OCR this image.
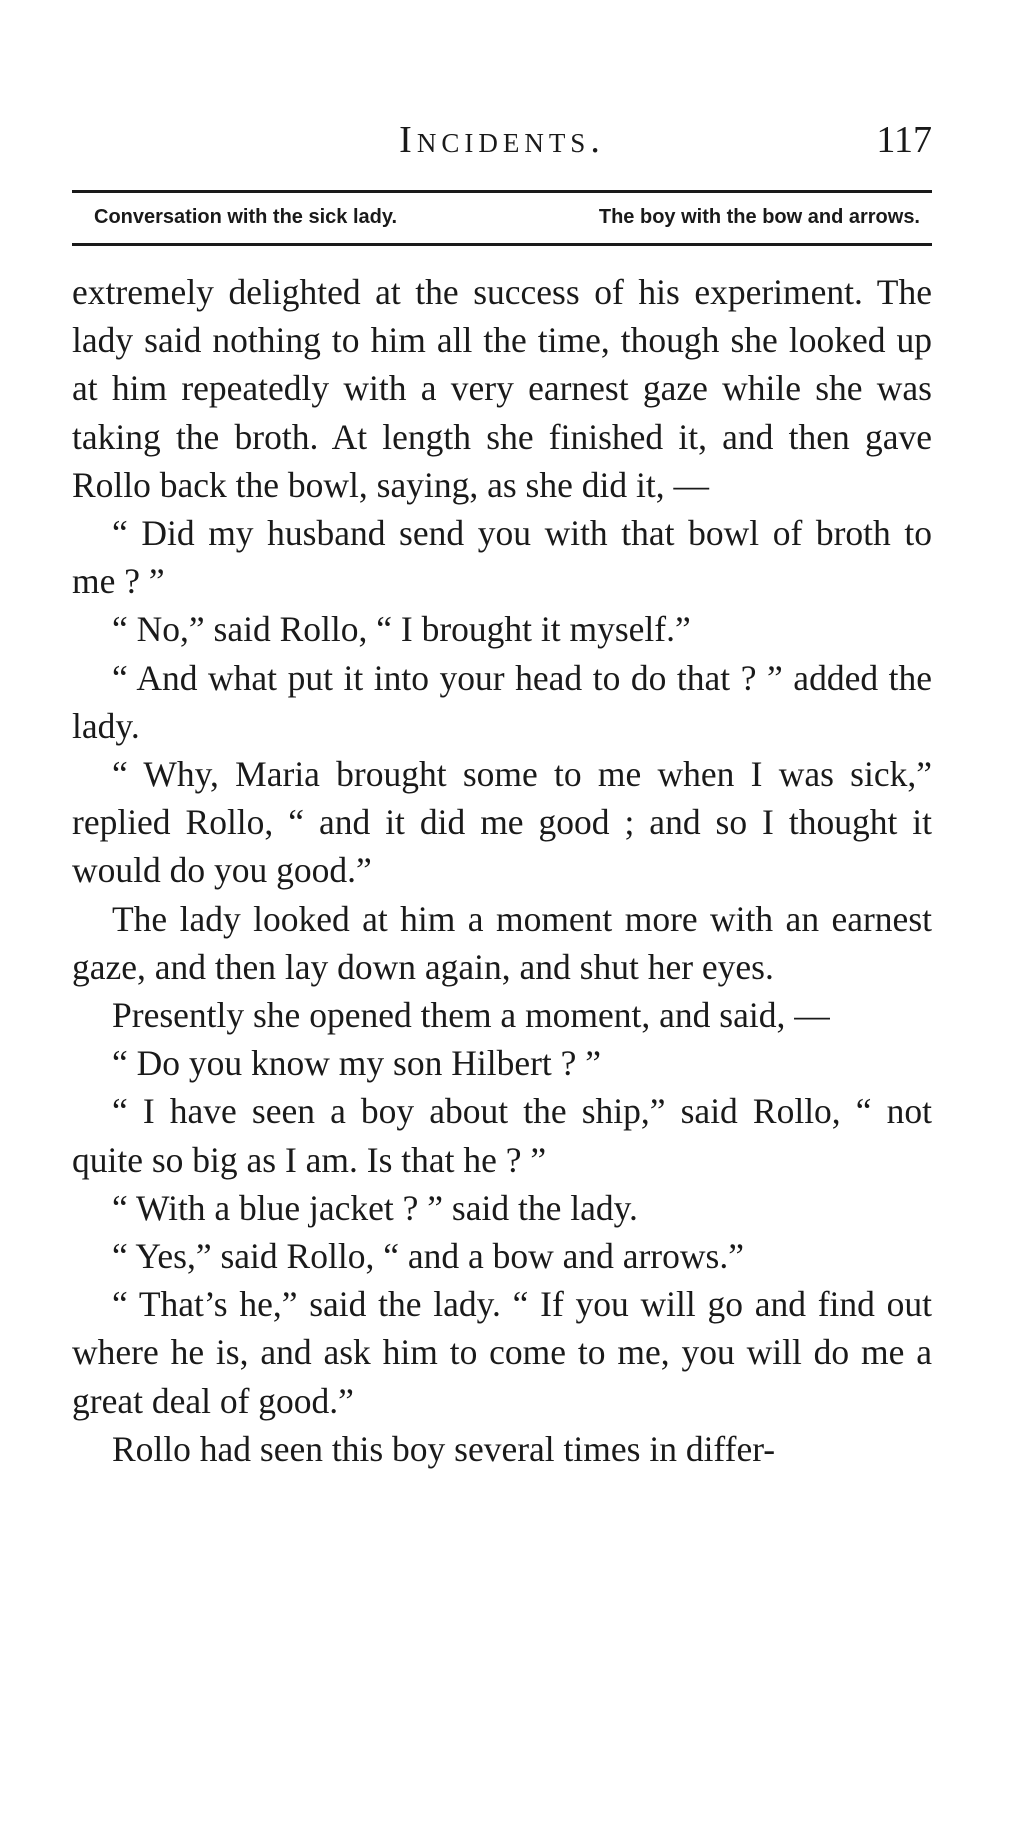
Incidents.	117
Conversation with the sick lady.	The boy with the bow and arrows.

extremely delighted at the success of his experiment. The lady said nothing to him all the time, though she looked up at him repeatedly with a very earnest gaze while she was taking the broth. At length she finished it, and then gave Rollo back the bowl, saying, as she did it, —

“ Did my husband send you with that bowl of broth to me ? ”

“ No,” said Rollo, “ I brought it myself.”

“ And what put it into your head to do that ? ” added the lady.

“ Why, Maria brought some to me when I was sick,” replied Rollo, “ and it did me good ; and so I thought it would do you good.”

The lady looked at him a moment more with an earnest gaze, and then lay down again, and shut her eyes.

Presently she opened them a moment, and said, —

“ Do you know my son Hilbert ? ”

“ I have seen a boy about the ship,” said Rollo, “ not quite so big as I am. Is that he ? ”

“ With a blue jacket ? ” said the lady.

“ Yes,” said Rollo, “ and a bow and arrows.”

“ That’s he,” said the lady. “ If you will go and find out where he is, and ask him to come to me, you will do me a great deal of good.”

Rollo had seen this boy several times in differ-
